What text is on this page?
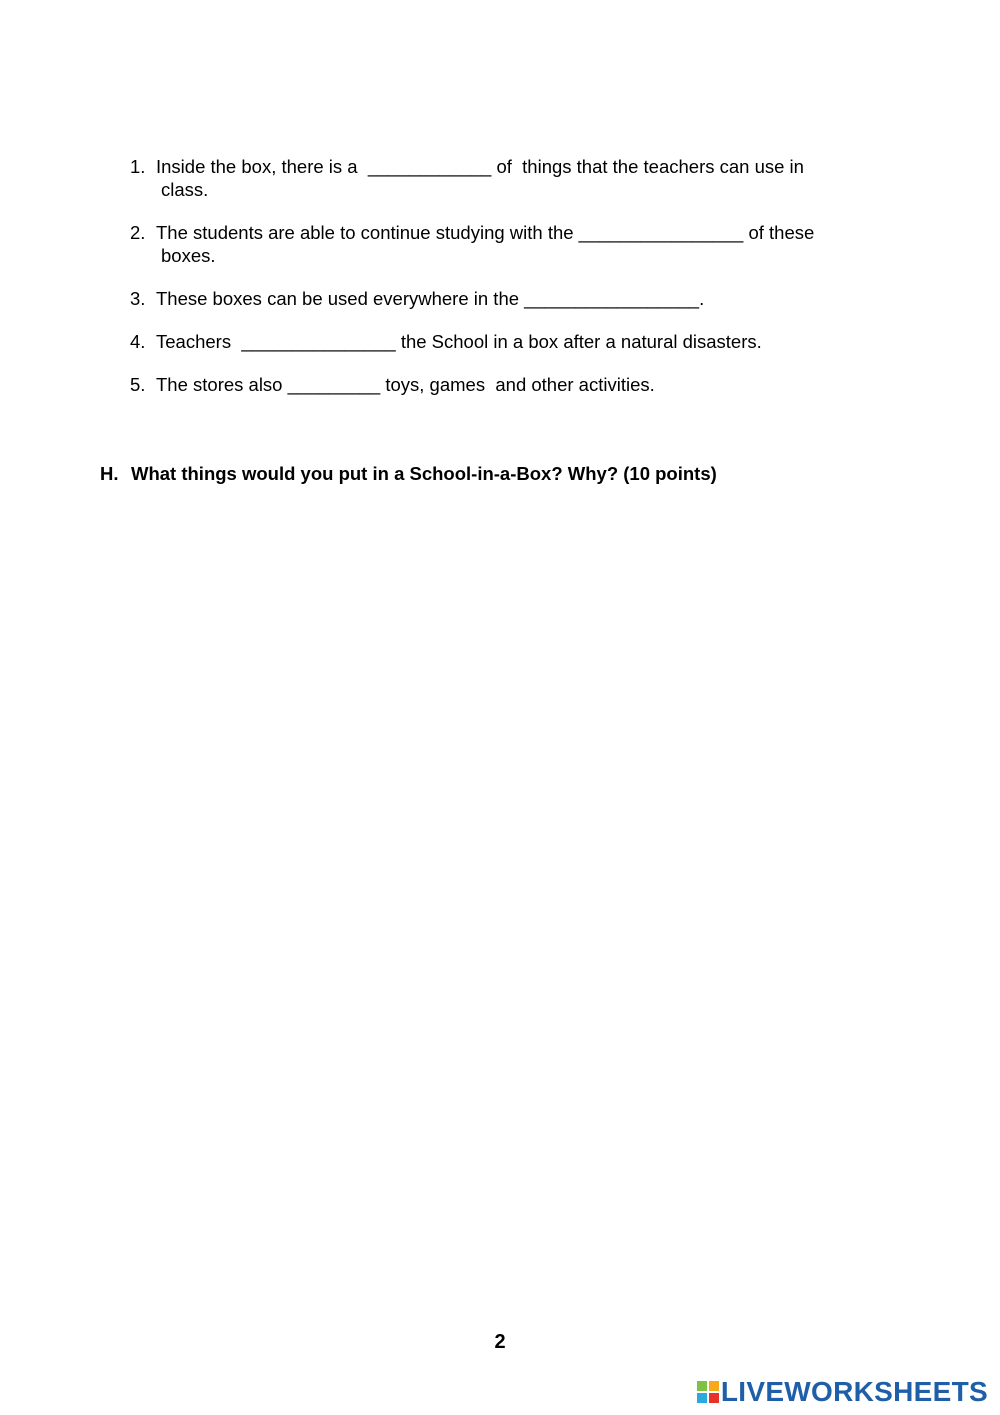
1. Inside the box, there is a  ____________ of  things that the teachers can use in
class.
2. The students are able to continue studying with the ________________ of these
boxes.
3. These boxes can be used everywhere in the _________________.
4. Teachers  _______________ the School in a box after a natural disasters.
5. The stores also _________ toys, games  and other activities.
H. What things would you put in a School-in-a-Box? Why? (10 points)
2
LIVEWORKSHEETS
